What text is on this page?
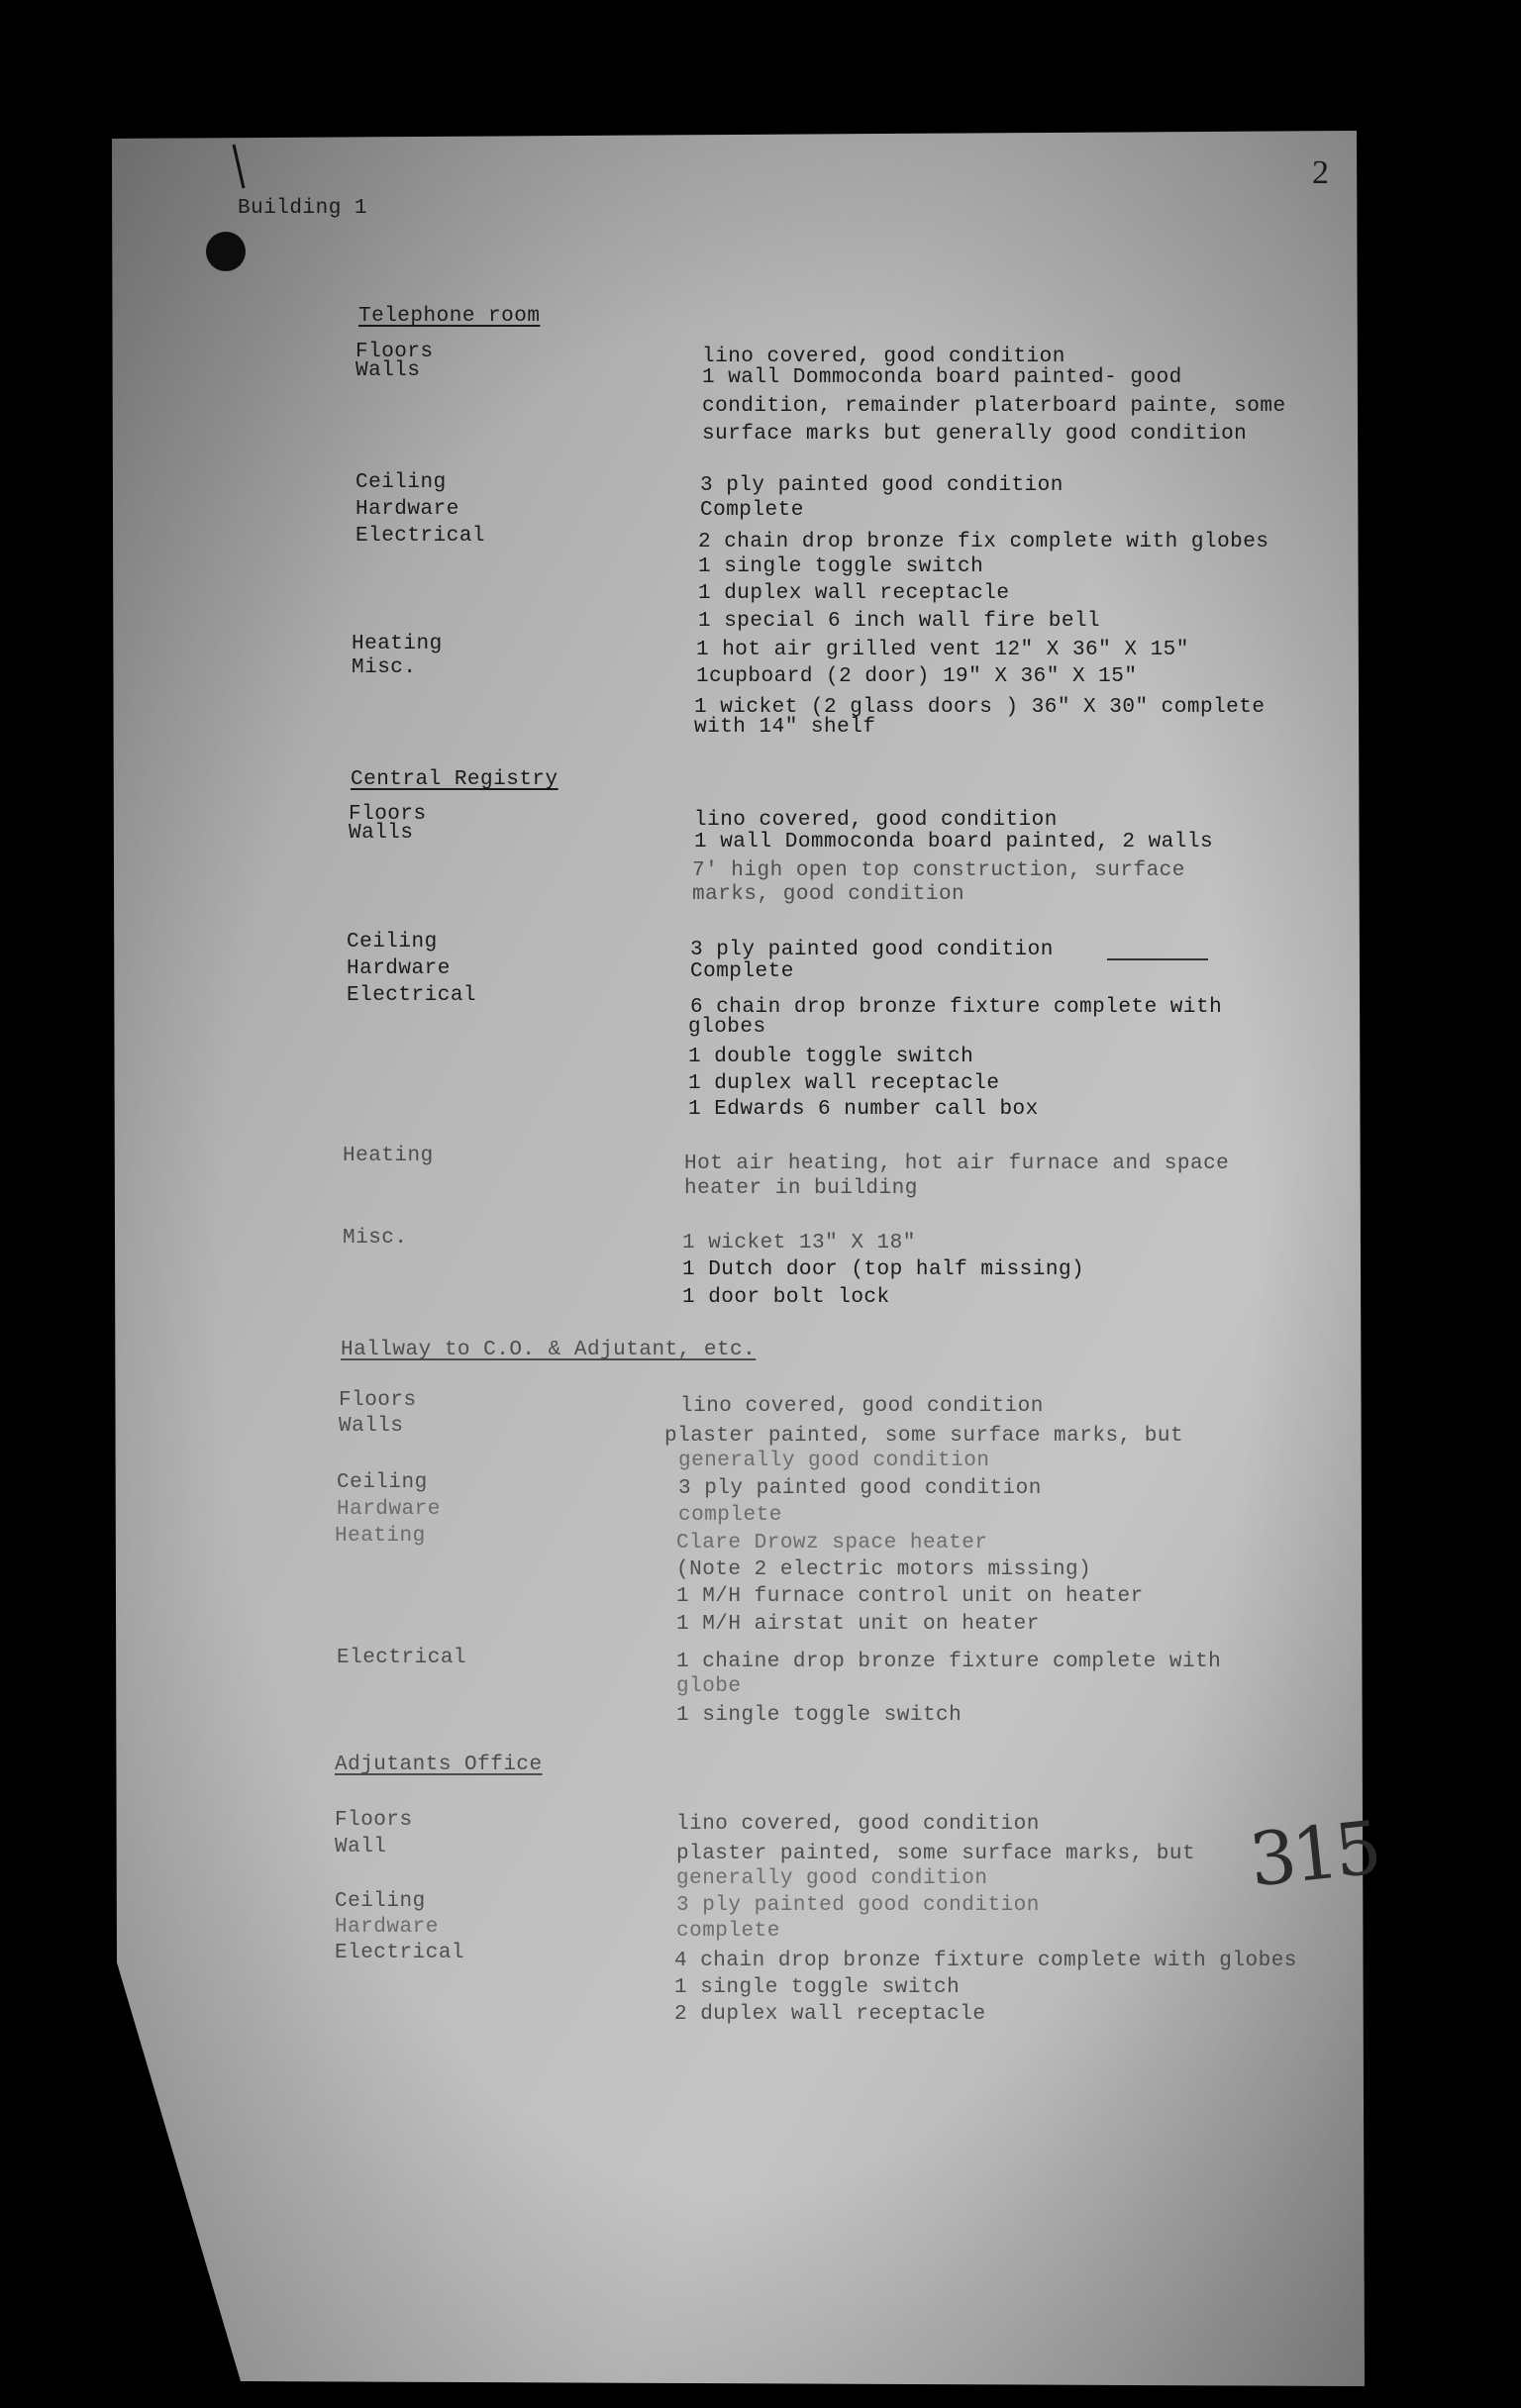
2
Building 1
Telephone room
Floors
Walls
Ceiling
Hardware
Electrical
Heating
Misc.
lino covered, good condition
1 wall Dommoconda board painted- good
condition, remainder platerboard painte, some
surface marks but generally good condition
3 ply painted good condition
Complete
2 chain drop bronze fix complete with globes
1 single toggle switch
1 duplex wall receptacle
1 special 6 inch wall fire bell
1 hot air grilled vent 12" X 36" X 15"
1cupboard (2 door) 19" X 36" X 15"
1 wicket (2 glass doors ) 36" X 30" complete
with 14" shelf
Central Registry
Floors
Walls
Ceiling
Hardware
Electrical
Heating
Misc.
lino covered, good condition
1 wall Dommoconda board painted, 2 walls
7' high open top construction, surface
marks, good condition
3 ply painted good condition
Complete
6 chain drop bronze fixture complete with
globes
1 double toggle switch
1 duplex wall receptacle
1 Edwards 6 number call box
Hot air heating, hot air furnace and space
heater in building
1 wicket 13" X 18"
1 Dutch door (top half missing)
1 door bolt lock
Hallway to C.O. & Adjutant, etc.
Floors
Walls
Ceiling
Hardware
Heating
Electrical
lino covered, good condition
plaster painted, some surface marks, but
generally good condition
3 ply painted good condition
complete
Clare Drowz space heater
(Note 2 electric motors missing)
1 M/H furnace control unit on heater
1 M/H airstat unit on heater
1 chaine drop bronze fixture complete with
globe
1 single toggle switch
Adjutants Office
Floors
Wall
Ceiling
Hardware
Electrical
lino covered, good condition
plaster painted, some surface marks, but
generally good condition
3 ply painted good condition
complete
4 chain drop bronze fixture complete with globes
1 single toggle switch
2 duplex wall receptacle
315
